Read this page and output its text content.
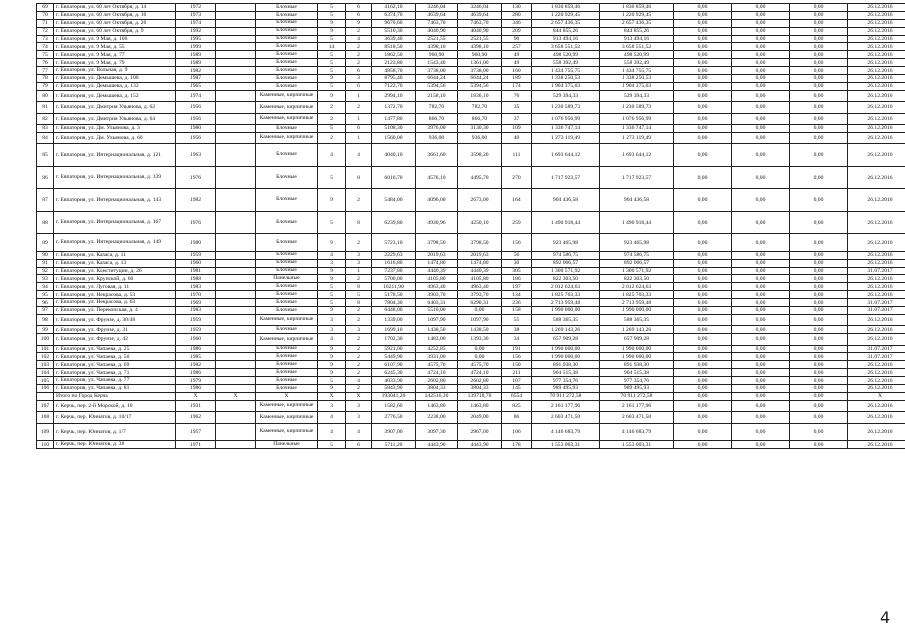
69	г. Евпатория, ул. 60 лет Октября, д. 14	1972		Блочные	5	6	4162,10	3246,04	3246,04	130	1 830 859,46	1 830 859,46	0,00	0,00	0,00	26.12.2016
70	г. Евпатория, ул. 60 лет Октября, д. 16	1973		Блочные	5	6	6374,70	4639,64	4639,64	280	1 220 929,45	1 220 929,45	0,00	0,00	0,00	26.12.2016
71	г. Евпатория, ул. 60 лет Октября, д. 26	1974		Блочные	9	9	9670,60	7463,70	7463,70	346	2 657 436,35	2 657 436,35	0,00	0,00	0,00	26.12.2016
72	г. Евпатория, ул. 60 лет Октября, д. 9	1992		Блочные	9	2	5510,30	4040,90	4040,90	209	844 855,26	844 855,26	0,00	0,00	0,00	26.12.2016
73	г. Евпатория, ул. 9 Мая, д. 106	1995		Блочные	5	4	3639,40	2521,55	2521,55	90	913 494,16	913 494,16	0,00	0,00	0,00	26.12.2016
74	г. Евпатория, ул. 9 Мая, д. 55	1999		Блочные	14	2	8518,50	4398,10	4398,10	257	3 658 551,52	3 658 551,52	0,00	0,00	0,00	26.12.2016
75	г. Евпатория, ул. 9 Мая, д. 77	1989		Блочные	5	2	1862,50	960,90	960,90	49	498 520,99	498 520,99	0,00	0,00	0,00	26.12.2016
76	г. Евпатория, ул. 9 Мая, д. 79	1989		Блочные	5	2	2123,80	1543,40	1361,00	49	558 392,49	558 392,49	0,00	0,00	0,00	26.12.2016
77	г. Евпатория, ул. Вольная, д. 9	1982		Блочные	5	6	4858,70	3738,00	3738,00	160	1 434 755,75	1 434 755,75	0,00	0,00	0,00	26.12.2016
78	г. Евпатория, ул. Демышева, д. 108	1987		Блочные	9	3	8795,40	6644,24	6644,24	189	1 338 250,53	1 338 250,53	0,00	0,00	0,00	26.12.2016
79	г. Евпатория, ул. Демышева, д. 132	1965		Блочные	5	6	7122,70	5394,56	5394,56	174	1 904 375,03	1 904 375,03	0,00	0,00	0,00	26.12.2016
80	г. Евпатория, ул. Демышева, д. 152	1974		Каменные, кирпичные	9	1	2994,10	2158,10	1836,10	76	529 394,33	529 394,33	0,00	0,00	0,00	26.12.2016
81	г. Евпатория, ул. Дмитрия Ульянова, д. 62	1956		Каменные, кирпичные	2	2	1372,70	782,70	782,70	35	1 230 589,73	1 230 589,73	0,00	0,00	0,00	26.12.2016
82	г. Евпатория, ул. Дмитрия Ульянова, д. 64	1956		Каменные, кирпичные	2	1	1477,80	866,70	866,70	37	1 076 956,99	1 076 956,99	0,00	0,00	0,00	26.12.2016
83	г. Евпатория, ул. Дм. Ульянова, д. 3	1980		Блочные	5	6	5108,30	3976,00	3130,30	109	1 336 747,14	1 336 747,14	0,00	0,00	0,00	26.12.2016
84	г. Евпатория, ул. Дм. Ульянова, д. 60	1956		Каменные, кирпичные	2	1	1560,00	936,00	936,00	40	1 273 119,49	1 273 119,49	0,00	0,00	0,00	26.12.2016
85	г. Евпатория, ул. Интернациональная, д. 121	1963		Блочные	4	4	4040,10	3661,60	3598,20	111	1 693 644,12	1 693 644,12	0,00	0,00	0,00	26.12.2016
86	г. Евпатория, ул. Интернациональная, д. 139	1976		Блочные	5	8	6016,70	4576,10	4495,70	270	1 717 923,57	1 717 923,57	0,00	0,00	0,00	26.12.2016
87	г. Евпатория, ул. Интернациональная, д. 143	1982		Блочные	9	2	5484,00	4096,00	2673,00	164	904 436,58	904 436,58	0,00	0,00	0,00	26.12.2016
88	г. Евпатория, ул. Интернациональная, д. 167	1976		Блочные	5	8	6239,80	4930,96	4250,10	259	1 490 918,44	1 490 918,44	0,00	0,00	0,00	26.12.2016
89	г. Евпатория, ул. Интернациональная, д. 149	1980		Блочные	9	2	5723,10	3798,50	3798,50	156	923 465,98	923 465,98	0,00	0,00	0,00	26.12.2016
90	г. Евпатория, ул. Казаса, д. 11	1959		Блочные	4	3	2229,63	2019,63	2019,63	56	974 586,75	974 586,75	0,00	0,00	0,00	26.12.2016
91	г. Евпатория, ул. Казаса, д. 13	1960		Блочные	3	3	1616,80	1474,80	1474,80	30	892 066,57	892 066,57	0,00	0,00	0,00	26.12.2016
92	г. Евпатория, ул. Конституции, д. 26	1981		Блочные	9	1	7237,80	4440,39	4440,39	305	1 300 571,92	1 300 571,92	0,00	0,00	0,00	31.07.2017
93	г. Евпатория, ул. Крупской, д. 60	1988		Панельные	9	2	5700,00	4105,80	4105,80	186	822 303,50	822 303,50	0,00	0,00	0,00	26.12.2016
94	г. Евпатория, ул. Луговая, д. 11	1983		Блочные	5	8	10211,90	4963,40	4963,40	197	2 012 624,63	2 012 624,63	0,00	0,00	0,00	26.12.2016
95	г. Евпатория, ул. Некрасова, д. 53	1970		Блочные	5	5	5178,50	3903,70	3793,70	134	1 825 703,33	1 825 703,33	0,00	0,00	0,00	26.12.2016
96	г. Евпатория, ул. Некрасова, д. 63	1969		Блочные	5	8	7804,30	6403,31	6290,31	236	2 713 959,48	2 713 959,48	0,00	0,00	0,00	31.07.2017
97	г. Евпатория, ул. Перекопская, д. 4	1983		Блочные	9	2	6448,00	5510,00	0,00	158	1 990 000,00	1 990 000,00	0,00	0,00	0,00	31.07.2017
98	г. Евпатория, ул. Фрунзе, д. 30/48	1959		Каменные, кирпичные	3	2	1339,00	1097,90	1097,90	55	588 365,35	588 365,35	0,00	0,00	0,00	26.12.2016
99	г. Евпатория, ул. Фрунзе, д. 31	1959		Блочные	3	3	1699,10	1438,50	1438,50	38	1 269 143,26	1 269 143,26	0,00	0,00	0,00	26.12.2016
100	г. Евпатория, ул. Фрунзе, д. 42	1960		Каменные, кирпичные	4	2	1702,30	1483,00	1393,30	34	657 909,28	657 909,28	0,00	0,00	0,00	26.12.2016
101	г. Евпатория, ул. Чапаева, д. 25	1986		Блочные	9	2	5921,00	4252,85	0,00	191	1 990 000,00	1 990 000,00	0,00	0,00	0,00	31.07.2017
102	г. Евпатория, ул. Чапаева, д. 50	1985		Блочные	9	2	5449,90	3931,00	0,00	156	1 990 000,00	1 990 000,00	0,00	0,00	0,00	31.07.2017
103	г. Евпатория, ул. Чапаева, д. 69	1982		Блочные	9	2	6107,90	4575,70	4575,70	150	891 938,30	891 938,30	0,00	0,00	0,00	26.12.2016
104	г. Евпатория, ул. Чапаева, д. 71	1986		Блочные	9	2	6245,30	4724,10	4724,10	211	904 515,38	904 515,38	0,00	0,00	0,00	26.12.2016
105	г. Евпатория, ул. Чапаева, д. 77	1979		Блочные	5	4	4033,90	2602,80	2602,80	107	977 354,76	977 354,76	0,00	0,00	0,00	26.12.2016
106	г. Евпатория, ул. Чапаева, д. 81	1986		Блочные	9	2	5843,90	3804,33	3804,33	145	989 495,93	989 495,93	0,00	0,00	0,00	26.12.2016
	Итого по Город Керчь	X	X	X	X	X	193041,20	142516,30	139718,70	6554	70 911 272,58	70 911 272,58	0,00	0,00	0,00	X
107	г. Керчь, пер. 2-й Морской, д. 10	1931		Каменные, кирпичные	3	3	1582,60	1463,80	1463,80	825	2 161 177,96	2 161 177,96	0,00	0,00	0,00	26.12.2016
108	г. Керчь, пер. Юннатов, д. 10/17	1962		Каменные, кирпичные	4	3	2776,50	2238,00	2049,00	86	2 603 471,50	2 603 471,50	0,00	0,00	0,00	26.12.2016
109	г. Керчь, пер. Юннатов, д. 1/7	1957		Каменные, кирпичные	4	4	3907,00	3097,30	2967,00	106	4 146 683,79	4 146 683,79	0,00	0,00	0,00	26.12.2016
110	г. Керчь, пер. Юннатов, д. 38	1971		Панельные	5	6	5711,20	4443,90	4443,90	178	1 553 003,31	1 553 003,31	0,00	0,00	0,00	26.12.2016
4
